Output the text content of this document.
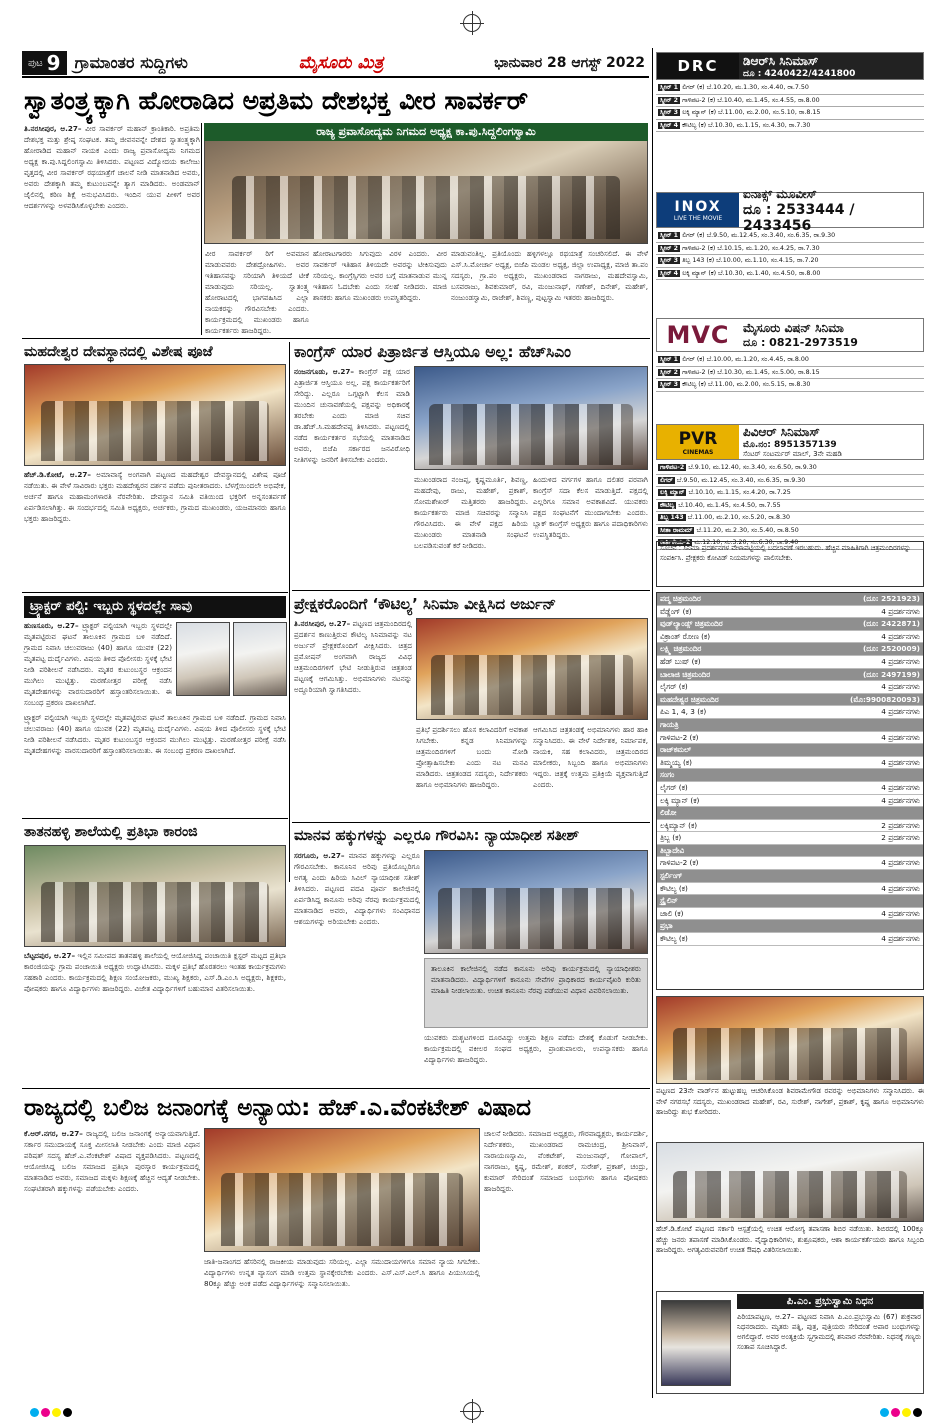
ಪುಟ 9 ಗ್ರಾಮಾಂತರ ಸುದ್ದಿಗಳು	ಮೈಸೂರು ಮಿತ್ರ	ಭಾನುವಾರ 28 ಆಗಸ್ಟ್ 2022
ಸ್ವಾತಂತ್ರ್ಯಕ್ಕಾಗಿ ಹೋರಾಡಿದ ಅಪ್ರತಿಮ ದೇಶಭಕ್ತ ವೀರ ಸಾವರ್ಕರ್

ತಿ.ನರಸೀಪುರ, ಆ.27– ವೀರ ಸಾವರ್ಕರ್ ಮಹಾನ್ ಕ್ರಾಂತಿಕಾರಿ. ಅಪ್ರತಿಮ ದೇಶಭಕ್ತ ಮತ್ತು ಶ್ರೇಷ್ಠ ಸಂಘಟಕ. ತಮ್ಮ ಜೀವನವನ್ನೇ ದೇಶದ ಸ್ವಾತಂತ್ರ್ಯಕ್ಕಾಗಿ ಹೋರಾಡಿದ ಮಹಾನ್ ನಾಯಕ ಎಂದು ರಾಜ್ಯ ಪ್ರವಾಸೋದ್ಯಮ ನಿಗಮದ ಅಧ್ಯಕ್ಷ ಕಾ.ಪು.ಸಿದ್ದಲಿಂಗಸ್ವಾಮಿ ತಿಳಿಸಿದರು. ಪಟ್ಟಣದ ವಿದ್ಯೋದಯ ಕಾಲೇಜು ವೃತ್ತದಲ್ಲಿ ವೀರ ಸಾವರ್ಕರ್ ರಥಯಾತ್ರೆಗೆ ಚಾಲನೆ ನೀಡಿ ಮಾತನಾಡಿದ ಅವರು, ಅವರು ದೇಶಕ್ಕಾಗಿ ತಮ್ಮ ಕುಟುಂಬವನ್ನೇ ತ್ಯಾಗ ಮಾಡಿದರು. ಅಂಡಮಾನ್ ಜೈಲಿನಲ್ಲಿ ಕಠಿಣ ಶಿಕ್ಷೆ ಅನುಭವಿಸಿದರು. ಇಂದಿನ ಯುವ ಪೀಳಿಗೆ ಅವರ ಆದರ್ಶಗಳನ್ನು ಅಳವಡಿಸಿಕೊಳ್ಳಬೇಕು ಎಂದರು.

ರಾಜ್ಯ ಪ್ರವಾಸೋದ್ಯಮ ನಿಗಮದ ಅಧ್ಯಕ್ಷ ಕಾ.ಪು.ಸಿದ್ದಲಿಂಗಸ್ವಾಮಿ
ವೀರ ಸಾವರ್ಕರ್ ರಿಗೆ ಅವಮಾನ ಮಾಡುವವರು ದೇಶದ್ರೋಹಿಗಳು. ಅವರ ಇತಿಹಾಸವನ್ನು ಸರಿಯಾಗಿ ತಿಳಿಯದೆ ಟೀಕೆ ಮಾಡುವುದು ಸರಿಯಲ್ಲ. ಸ್ವಾತಂತ್ರ್ಯ ಹೋರಾಟದಲ್ಲಿ ಭಾಗವಹಿಸಿದ ಎಲ್ಲಾ ನಾಯಕರನ್ನು ಗೌರವಿಸಬೇಕು ಎಂದರು. ಕಾರ್ಯಕ್ರಮದಲ್ಲಿ ಮುಖಂಡರು ಹಾಗೂ ಕಾರ್ಯಕರ್ತರು ಹಾಜರಿದ್ದರು.
ಹೋರಾಟಗಾರರು ಸಿಗುವುದು ವಿರಳ ಎಂದರು. ವೀರ ಸಾವರ್ಕರ್ ಇತಿಹಾಸ ತಿಳಿಯದೇ ಅವರನ್ನು ಟೀಕಿಸುವುದು ಸರಿಯಲ್ಲ. ಕಾಂಗ್ರೆಸ್ಸಿಗರು ಅವರ ಬಗ್ಗೆ ಮಾತನಾಡುವ ಮುನ್ನ ಇತಿಹಾಸ ಓದಬೇಕು ಎಂದು ಸಲಹೆ ನೀಡಿದರು. ಮಾಜಿ ಶಾಸಕರು ಹಾಗೂ ಮುಖಂಡರು ಉಪಸ್ಥಿತರಿದ್ದರು.
ಮಾಡುವಂತಿಲ್ಲ. ಪ್ರತಿಯೊಂದು ಹಳ್ಳಿಗಳಲ್ಲೂ ರಥಯಾತ್ರೆ ಸಂಚರಿಸಲಿದೆ. ಈ ವೇಳೆ ಎಸ್.ಸಿ.ಮೋರ್ಚಾ ಅಧ್ಯಕ್ಷ, ಬಿಜೆಪಿ ಮಂಡಲ ಅಧ್ಯಕ್ಷ, ಜಿಲ್ಲಾ ಉಪಾಧ್ಯಕ್ಷ, ಮಾಜಿ ತಾ.ಪಂ ಸದಸ್ಯರು, ಗ್ರಾ.ಪಂ ಅಧ್ಯಕ್ಷರು, ಮುಖಂಡರಾದ ನಾಗರಾಜು, ಮಹದೇವಸ್ವಾಮಿ, ಬಸವರಾಜು, ಶಿವಕುಮಾರ್, ರವಿ, ಮಂಜುನಾಥ್, ಗಣೇಶ್, ದಿನೇಶ್, ಮಹೇಶ್, ನಂಜುಂಡಸ್ವಾಮಿ, ರಾಜೇಶ್, ಶಿವಣ್ಣ, ಪುಟ್ಟಸ್ವಾಮಿ ಇತರರು ಹಾಜರಿದ್ದರು.
ಮಹದೇಶ್ವರ ದೇವಸ್ಥಾನದಲ್ಲಿ ವಿಶೇಷ ಪೂಜೆ

ಹೆಚ್.ಡಿ.ಕೋಟೆ, ಆ.27– ಅಮಾವಾಸ್ಯೆ ಅಂಗವಾಗಿ ಪಟ್ಟಣದ ಮಹದೇಶ್ವರ ದೇವಸ್ಥಾನದಲ್ಲಿ ವಿಶೇಷ ಪೂಜೆ ನಡೆಯಿತು. ಈ ವೇಳೆ ಸಾವಿರಾರು ಭಕ್ತರು ಮಹದೇಶ್ವರನ ದರ್ಶನ ಪಡೆದು ಪುನೀತರಾದರು. ಬೆಳಗ್ಗೆಯಿಂದಲೇ ಅಭಿಷೇಕ, ಅರ್ಚನೆ ಹಾಗೂ ಮಹಾಮಂಗಳಾರತಿ ನೆರವೇರಿತು. ದೇವಸ್ಥಾನ ಸಮಿತಿ ವತಿಯಿಂದ ಭಕ್ತರಿಗೆ ಅನ್ನಸಂತರ್ಪಣೆ ಏರ್ಪಡಿಸಲಾಗಿತ್ತು. ಈ ಸಂದರ್ಭದಲ್ಲಿ ಸಮಿತಿ ಅಧ್ಯಕ್ಷರು, ಅರ್ಚಕರು, ಗ್ರಾಮದ ಮುಖಂಡರು, ಯಜಮಾನರು ಹಾಗೂ ಭಕ್ತರು ಹಾಜರಿದ್ದರು.

ಟ್ರ್ಯಾಕ್ಟರ್ ಪಲ್ಟಿ: ಇಬ್ಬರು ಸ್ಥಳದಲ್ಲೇ ಸಾವು

ಹುಣಸೂರು, ಆ.27– ಟ್ರ್ಯಾಕ್ಟರ್ ಪಲ್ಟಿಯಾಗಿ ಇಬ್ಬರು ಸ್ಥಳದಲ್ಲೇ ಮೃತಪಟ್ಟಿರುವ ಘಟನೆ ತಾಲೂಕಿನ ಗ್ರಾಮದ ಬಳಿ ನಡೆದಿದೆ. ಗ್ರಾಮದ ನಿವಾಸಿ ಚಲುವರಾಜು (40) ಹಾಗೂ ಯುವಕ (22) ಮೃತಪಟ್ಟ ದುರ್ದೈವಿಗಳು. ವಿಷಯ ತಿಳಿದ ಪೊಲೀಸರು ಸ್ಥಳಕ್ಕೆ ಭೇಟಿ ನೀಡಿ ಪರಿಶೀಲನೆ ನಡೆಸಿದರು. ಮೃತರ ಕುಟುಂಬಸ್ಥರ ಆಕ್ರಂದನ ಮುಗಿಲು ಮುಟ್ಟಿತ್ತು. ಮರಣೋತ್ತರ ಪರೀಕ್ಷೆ ನಡೆಸಿ ಮೃತದೇಹಗಳನ್ನು ವಾರಸುದಾರರಿಗೆ ಹಸ್ತಾಂತರಿಸಲಾಯಿತು. ಈ ಸಂಬಂಧ ಪ್ರಕರಣ ದಾಖಲಾಗಿದೆ.

ಟ್ರ್ಯಾಕ್ಟರ್ ಪಲ್ಟಿಯಾಗಿ ಇಬ್ಬರು ಸ್ಥಳದಲ್ಲೇ ಮೃತಪಟ್ಟಿರುವ ಘಟನೆ ತಾಲೂಕಿನ ಗ್ರಾಮದ ಬಳಿ ನಡೆದಿದೆ. ಗ್ರಾಮದ ನಿವಾಸಿ ಚಲುವರಾಜು (40) ಹಾಗೂ ಯುವಕ (22) ಮೃತಪಟ್ಟ ದುರ್ದೈವಿಗಳು. ವಿಷಯ ತಿಳಿದ ಪೊಲೀಸರು ಸ್ಥಳಕ್ಕೆ ಭೇಟಿ ನೀಡಿ ಪರಿಶೀಲನೆ ನಡೆಸಿದರು. ಮೃತರ ಕುಟುಂಬಸ್ಥರ ಆಕ್ರಂದನ ಮುಗಿಲು ಮುಟ್ಟಿತ್ತು. ಮರಣೋತ್ತರ ಪರೀಕ್ಷೆ ನಡೆಸಿ ಮೃತದೇಹಗಳನ್ನು ವಾರಸುದಾರರಿಗೆ ಹಸ್ತಾಂತರಿಸಲಾಯಿತು. ಈ ಸಂಬಂಧ ಪ್ರಕರಣ ದಾಖಲಾಗಿದೆ.
ತಾತನಹಳ್ಳಿ ಶಾಲೆಯಲ್ಲಿ ಪ್ರತಿಭಾ ಕಾರಂಜಿ

ಬೆಟ್ಟದಪುರ, ಆ.27– ಇಲ್ಲಿನ ಸಮೀಪದ ತಾತನಹಳ್ಳಿ ಶಾಲೆಯಲ್ಲಿ ಆಯೋಜಿಸಿದ್ದ ಪಂಚಾಯಿತಿ ಕ್ಲಸ್ಟರ್ ಮಟ್ಟದ ಪ್ರತಿಭಾ ಕಾರಂಜಿಯನ್ನು ಗ್ರಾಮ ಪಂಚಾಯಿತಿ ಅಧ್ಯಕ್ಷರು ಉದ್ಘಾಟಿಸಿದರು. ಮಕ್ಕಳ ಪ್ರತಿಭೆ ಹೊರತರಲು ಇಂತಹ ಕಾರ್ಯಕ್ರಮಗಳು ಸಹಕಾರಿ ಎಂದರು. ಕಾರ್ಯಕ್ರಮದಲ್ಲಿ ಶಿಕ್ಷಣ ಸಂಯೋಜಕರು, ಮುಖ್ಯ ಶಿಕ್ಷಕರು, ಎಸ್.ಡಿ.ಎಂ.ಸಿ ಅಧ್ಯಕ್ಷರು, ಶಿಕ್ಷಕರು, ಪೋಷಕರು ಹಾಗೂ ವಿದ್ಯಾರ್ಥಿಗಳು ಹಾಜರಿದ್ದರು. ವಿಜೇತ ವಿದ್ಯಾರ್ಥಿಗಳಿಗೆ ಬಹುಮಾನ ವಿತರಿಸಲಾಯಿತು.

ಕಾಂಗ್ರೆಸ್ ಯಾರ ಪಿತ್ರಾರ್ಜಿತ ಆಸ್ತಿಯೂ ಅಲ್ಲ: ಹೆಚ್‌ಸಿಎಂ

ನಂಜನಗೂಡು, ಆ.27– ಕಾಂಗ್ರೆಸ್ ಪಕ್ಷ ಯಾರ ಪಿತ್ರಾರ್ಜಿತ ಆಸ್ತಿಯೂ ಅಲ್ಲ. ಪಕ್ಷ ಕಾರ್ಯಕರ್ತರಿಗೆ ಸೇರಿದ್ದು. ಎಲ್ಲರೂ ಒಗ್ಗಟ್ಟಾಗಿ ಕೆಲಸ ಮಾಡಿ ಮುಂದಿನ ಚುನಾವಣೆಯಲ್ಲಿ ಪಕ್ಷವನ್ನು ಅಧಿಕಾರಕ್ಕೆ ತರಬೇಕು ಎಂದು ಮಾಜಿ ಸಚಿವ ಡಾ.ಹೆಚ್.ಸಿ.ಮಹದೇವಪ್ಪ ತಿಳಿಸಿದರು. ಪಟ್ಟಣದಲ್ಲಿ ನಡೆದ ಕಾರ್ಯಕರ್ತರ ಸಭೆಯಲ್ಲಿ ಮಾತನಾಡಿದ ಅವರು, ಬಿಜೆಪಿ ಸರ್ಕಾರದ ಜನವಿರೋಧಿ ನೀತಿಗಳನ್ನು ಜನರಿಗೆ ತಿಳಿಸಬೇಕು ಎಂದರು.

ಮುಖಂಡರಾದ ನಂಜಪ್ಪ, ಕೃಷ್ಣಮೂರ್ತಿ, ಶಿವಣ್ಣ, ಮಹದೇವು, ರಾಜು, ಮಹೇಶ್, ಪ್ರಕಾಶ್, ಸೋಮಶೇಖರ್ ಮತ್ತಿತರರು ಹಾಜರಿದ್ದರು. ಕಾರ್ಯಕರ್ತರು ಮಾಜಿ ಸಚಿವರನ್ನು ಸನ್ಮಾನಿಸಿ ಗೌರವಿಸಿದರು. ಈ ವೇಳೆ ಪಕ್ಷದ ಹಿರಿಯ ಮುಖಂಡರು ಮಾತನಾಡಿ ಸಂಘಟನೆ ಬಲಪಡಿಸುವಂತೆ ಕರೆ ನೀಡಿದರು.
ಹಿಂದುಳಿದ ವರ್ಗಗಳ ಹಾಗೂ ದಲಿತರ ಪರವಾಗಿ ಕಾಂಗ್ರೆಸ್ ಸದಾ ಕೆಲಸ ಮಾಡುತ್ತಿದೆ. ಪಕ್ಷದಲ್ಲಿ ಎಲ್ಲರಿಗೂ ಸಮಾನ ಅವಕಾಶವಿದೆ. ಯುವಕರು ಪಕ್ಷದ ಸಂಘಟನೆಗೆ ಮುಂದಾಗಬೇಕು ಎಂದರು. ಬ್ಲಾಕ್ ಕಾಂಗ್ರೆಸ್ ಅಧ್ಯಕ್ಷರು ಹಾಗೂ ಪದಾಧಿಕಾರಿಗಳು ಉಪಸ್ಥಿತರಿದ್ದರು.
ಪ್ರೇಕ್ಷಕರೊಂದಿಗೆ ‘ಕೌಟಿಲ್ಯ’ ಸಿನಿಮಾ ವೀಕ್ಷಿಸಿದ ಅರ್ಜುನ್

ತಿ.ನರಸೀಪುರ, ಆ.27– ಪಟ್ಟಣದ ಚಿತ್ರಮಂದಿರದಲ್ಲಿ ಪ್ರದರ್ಶನ ಕಾಣುತ್ತಿರುವ ಕೌಟಿಲ್ಯ ಸಿನಿಮಾವನ್ನು ನಟ ಅರ್ಜುನ್ ಪ್ರೇಕ್ಷಕರೊಂದಿಗೆ ವೀಕ್ಷಿಸಿದರು. ಚಿತ್ರದ ಪ್ರಮೋಷನ್ ಅಂಗವಾಗಿ ರಾಜ್ಯದ ವಿವಿಧ ಚಿತ್ರಮಂದಿರಗಳಿಗೆ ಭೇಟಿ ನೀಡುತ್ತಿರುವ ಚಿತ್ರತಂಡ ಪಟ್ಟಣಕ್ಕೆ ಆಗಮಿಸಿತ್ತು. ಅಭಿಮಾನಿಗಳು ನಟನನ್ನು ಅದ್ದೂರಿಯಾಗಿ ಸ್ವಾಗತಿಸಿದರು.

ಪ್ರತಿಭೆ ಪ್ರದರ್ಶಿಸಲು ಹೊಸ ಕಲಾವಿದರಿಗೆ ಅವಕಾಶ ಸಿಗಬೇಕು. ಕನ್ನಡ ಸಿನಿಮಾಗಳನ್ನು ಚಿತ್ರಮಂದಿರಗಳಿಗೆ ಬಂದು ನೋಡಿ ಪ್ರೋತ್ಸಾಹಿಸಬೇಕು ಎಂದು ನಟ ಮನವಿ ಮಾಡಿದರು. ಚಿತ್ರತಂಡದ ಸದಸ್ಯರು, ನಿರ್ದೇಶಕರು ಹಾಗೂ ಅಭಿಮಾನಿಗಳು ಹಾಜರಿದ್ದರು.
ಆಗಮಿಸಿದ ಚಿತ್ರತಂಡಕ್ಕೆ ಅಭಿಮಾನಿಗಳು ಹಾರ ಹಾಕಿ ಸನ್ಮಾನಿಸಿದರು. ಈ ವೇಳೆ ನಿರ್ದೇಶಕ, ನಿರ್ಮಾಪಕ, ನಾಯಕಿ, ಸಹ ಕಲಾವಿದರು, ಚಿತ್ರಮಂದಿರದ ಮಾಲೀಕರು, ಸಿಬ್ಬಂದಿ ಹಾಗೂ ಅಭಿಮಾನಿಗಳು ಇದ್ದರು. ಚಿತ್ರಕ್ಕೆ ಉತ್ತಮ ಪ್ರತಿಕ್ರಿಯೆ ವ್ಯಕ್ತವಾಗುತ್ತಿದೆ ಎಂದರು.
ಮಾನವ ಹಕ್ಕುಗಳನ್ನು ಎಲ್ಲರೂ ಗೌರವಿಸಿ: ನ್ಯಾಯಾಧೀಶ ಸತೀಶ್

ಸರಗೂರು, ಆ.27– ಮಾನವ ಹಕ್ಕುಗಳನ್ನು ಎಲ್ಲರೂ ಗೌರವಿಸಬೇಕು. ಕಾನೂನಿನ ಅರಿವು ಪ್ರತಿಯೊಬ್ಬರಿಗೂ ಅಗತ್ಯ ಎಂದು ಹಿರಿಯ ಸಿವಿಲ್ ನ್ಯಾಯಾಧೀಶ ಸತೀಶ್ ತಿಳಿಸಿದರು. ಪಟ್ಟಣದ ಪದವಿ ಪೂರ್ವ ಕಾಲೇಜಿನಲ್ಲಿ ಏರ್ಪಡಿಸಿದ್ದ ಕಾನೂನು ಅರಿವು ನೆರವು ಕಾರ್ಯಕ್ರಮದಲ್ಲಿ ಮಾತನಾಡಿದ ಅವರು, ವಿದ್ಯಾರ್ಥಿಗಳು ಸಂವಿಧಾನದ ಆಶಯಗಳನ್ನು ಅರಿಯಬೇಕು ಎಂದರು.

ತಾಲೂಕಿನ ಕಾಲೇಜಿನಲ್ಲಿ ನಡೆದ ಕಾನೂನು ಅರಿವು ಕಾರ್ಯಕ್ರಮದಲ್ಲಿ ನ್ಯಾಯಾಧೀಶರು ಮಾತನಾಡಿದರು. ವಿದ್ಯಾರ್ಥಿಗಳಿಗೆ ಕಾನೂನು ಸೇವೆಗಳ ಪ್ರಾಧಿಕಾರದ ಕಾರ್ಯವೈಖರಿ ಕುರಿತು ಮಾಹಿತಿ ನೀಡಲಾಯಿತು. ಉಚಿತ ಕಾನೂನು ನೆರವು ಪಡೆಯುವ ವಿಧಾನ ವಿವರಿಸಲಾಯಿತು.
ಯುವಕರು ದುಶ್ಚಟಗಳಿಂದ ದೂರವಿದ್ದು ಉತ್ತಮ ಶಿಕ್ಷಣ ಪಡೆದು ದೇಶಕ್ಕೆ ಕೊಡುಗೆ ನೀಡಬೇಕು. ಕಾರ್ಯಕ್ರಮದಲ್ಲಿ ವಕೀಲರ ಸಂಘದ ಅಧ್ಯಕ್ಷರು, ಪ್ರಾಂಶುಪಾಲರು, ಉಪನ್ಯಾಸಕರು ಹಾಗೂ ವಿದ್ಯಾರ್ಥಿಗಳು ಹಾಜರಿದ್ದರು.
ರಾಜ್ಯದಲ್ಲಿ ಬಲಿಜ ಜನಾಂಗಕ್ಕೆ ಅನ್ಯಾಯ: ಹೆಚ್.ಎ.ವೆಂಕಟೇಶ್ ವಿಷಾದ

ಕೆ.ಆರ್.ನಗರ, ಆ.27– ರಾಜ್ಯದಲ್ಲಿ ಬಲಿಜ ಜನಾಂಗಕ್ಕೆ ಅನ್ಯಾಯವಾಗುತ್ತಿದೆ. ಸರ್ಕಾರ ಸಮುದಾಯಕ್ಕೆ ಸೂಕ್ತ ಮೀಸಲಾತಿ ನೀಡಬೇಕು ಎಂದು ಮಾಜಿ ವಿಧಾನ ಪರಿಷತ್ ಸದಸ್ಯ ಹೆಚ್.ಎ.ವೆಂಕಟೇಶ್ ವಿಷಾದ ವ್ಯಕ್ತಪಡಿಸಿದರು. ಪಟ್ಟಣದಲ್ಲಿ ಆಯೋಜಿಸಿದ್ದ ಬಲಿಜ ಸಮಾಜದ ಪ್ರತಿಭಾ ಪುರಸ್ಕಾರ ಕಾರ್ಯಕ್ರಮದಲ್ಲಿ ಮಾತನಾಡಿದ ಅವರು, ಸಮಾಜದ ಮಕ್ಕಳು ಶಿಕ್ಷಣಕ್ಕೆ ಹೆಚ್ಚಿನ ಆದ್ಯತೆ ನೀಡಬೇಕು. ಸಂಘಟಿತರಾಗಿ ಹಕ್ಕುಗಳನ್ನು ಪಡೆಯಬೇಕು ಎಂದರು.

ಜಾತಿ-ಜನಾಂಗದ ಹೆಸರಿನಲ್ಲಿ ರಾಜಕೀಯ ಮಾಡುವುದು ಸರಿಯಲ್ಲ. ಎಲ್ಲಾ ಸಮುದಾಯಗಳಿಗೂ ಸಮಾನ ನ್ಯಾಯ ಸಿಗಬೇಕು. ವಿದ್ಯಾರ್ಥಿಗಳು ಉನ್ನತ ವ್ಯಾಸಂಗ ಮಾಡಿ ಉತ್ತಮ ಸ್ಥಾನಕ್ಕೇರಬೇಕು ಎಂದರು. ಎಸ್.ಎಸ್.ಎಲ್.ಸಿ ಹಾಗೂ ಪಿಯುಸಿಯಲ್ಲಿ 80ಕ್ಕೂ ಹೆಚ್ಚು ಅಂಕ ಪಡೆದ ವಿದ್ಯಾರ್ಥಿಗಳನ್ನು ಸನ್ಮಾನಿಸಲಾಯಿತು.
ಚಾಲನೆ ನೀಡಿದರು. ಸಮಾಜದ ಅಧ್ಯಕ್ಷರು, ಗೌರವಾಧ್ಯಕ್ಷರು, ಕಾರ್ಯದರ್ಶಿ, ನಿರ್ದೇಶಕರು, ಮುಖಂಡರಾದ ರಾಮಚಂದ್ರ, ಶ್ರೀನಿವಾಸ್, ನಾರಾಯಣಸ್ವಾಮಿ, ವೆಂಕಟೇಶ್, ಮಂಜುನಾಥ್, ಗೋಪಾಲ್, ನಾಗರಾಜು, ಕೃಷ್ಣ, ರಮೇಶ್, ಶಂಕರ್, ಸುರೇಶ್, ಪ್ರಕಾಶ್, ಚಂದ್ರು, ಕುಮಾರ್ ಸೇರಿದಂತೆ ಸಮಾಜದ ಬಂಧುಗಳು ಹಾಗೂ ಪೋಷಕರು ಹಾಜರಿದ್ದರು.
DRC	ಡಿಆರ್‌ಸಿ ಸಿನಿಮಾಸ್
ದೂ : 4240422/4241800
ಸ್ಕ್ರೀನ್ 1 ಲಿಗರ್ (ಕ) ಬೆ.10.20, ಮ.1.30, ಸಂ.4.40, ರಾ.7.50
ಸ್ಕ್ರೀನ್ 2 ಗಾಳಿಪಟ-2 (ಕ) ಬೆ.10.40, ಮ.1.45, ಸಂ.4.55, ರಾ.8.00
ಸ್ಕ್ರೀನ್ 3 ಲಕ್ಕಿ ಮ್ಯಾನ್ (ಕ) ಬೆ.11.00, ಮ.2.00, ಸಂ.5.10, ರಾ.8.15
ಸ್ಕ್ರೀನ್ 4 ಕೌಟಿಲ್ಯ (ಕ) ಬೆ.10.30, ಮ.1.15, ಸಂ.4.30, ರಾ.7.30
INOX
LIVE THE MOVIE
ಐನಾಕ್ಸ್ ಮೂವೀಸ್
ದೂ : 2533444 / 2433456
ಸ್ಕ್ರೀನ್ 1 ಲಿಗರ್ (ಕ) ಬೆ.9.50, ಮ.12.45, ಸಂ.3.40, ಸಂ.6.35, ರಾ.9.30
ಸ್ಕ್ರೀನ್ 2 ಗಾಳಿಪಟ-2 (ಕ) ಬೆ.10.15, ಮ.1.20, ಸಂ.4.25, ರಾ.7.30
ಸ್ಕ್ರೀನ್ 3 ತಿಬ್ಬ 143 (ಕ) ಬೆ.10.00, ಮ.1.10, ಸಂ.4.15, ರಾ.7.20
ಸ್ಕ್ರೀನ್ 4 ಲಕ್ಕಿ ಮ್ಯಾನ್ (ಕ) ಬೆ.10.30, ಮ.1.40, ಸಂ.4.50, ರಾ.8.00
MVC	ಮೈಸೂರು ವಿಷನ್ ಸಿನಿಮಾ
ದೂ : 0821-2973519
ಸ್ಕ್ರೀನ್ 1 ಲಿಗರ್ (ಕ) ಬೆ.10.00, ಮ.1.20, ಸಂ.4.45, ರಾ.8.00
ಸ್ಕ್ರೀನ್ 2 ಗಾಳಿಪಟ-2 (ಕ) ಬೆ.10.30, ಮ.1.45, ಸಂ.5.00, ರಾ.8.15
ಸ್ಕ್ರೀನ್ 3 ಕೌಟಿಲ್ಯ (ಕ) ಬೆ.11.00, ಮ.2.00, ಸಂ.5.15, ರಾ.8.30
PVR
CINEMAS
ಪಿವಿಆರ್ ಸಿನಿಮಾಸ್
ಮೊ.ನಂ: 8951357139
ಸೆಂಟರ್ ಸಂಟರ್ಮರ್ ಮಾಲ್, 3ನೇ ಮಹಡಿ
ಗಾಳಿಪಟ-2 ಬೆ.9.10, ಮ.12.40, ಸಂ.3.40, ಸಂ.6.50, ರಾ.9.30
ಲಿಗರ್ ಬೆ.9.50, ಮ.12.45, ಸಂ.3.40, ಸಂ.6.35, ರಾ.9.30
ಲಕ್ಕಿ ಮ್ಯಾನ್ ಬೆ.10.10, ಮ.1.15, ಸಂ.4.20, ರಾ.7.25
ಕೌಟಿಲ್ಯ ಬೆ.10.40, ಮ.1.45, ಸಂ.4.50, ರಾ.7.55
ತಿಬ್ಬ 143 ಬೆ.11.00, ಮ.2.10, ಸಂ.5.20, ರಾ.8.30
ಸೀತಾ ರಾಮಮ್ ಬೆ.11.20, ಮ.2.30, ಸಂ.5.40, ರಾ.8.50
ಕಾರ್ತಿಕೇಯ-2 ಮ.12.10, ಸಂ.3.20, ಸಂ.6.30, ರಾ.9.40
ಸೂಚನೆ : ಸಿನಿಮಾ ಪ್ರದರ್ಶನಗಳ ವೇಳಾಪಟ್ಟಿಯಲ್ಲಿ ಬದಲಾವಣೆ ಇರಬಹುದು. ಹೆಚ್ಚಿನ ಮಾಹಿತಿಗಾಗಿ ಚಿತ್ರಮಂದಿರಗಳನ್ನು ಸಂಪರ್ಕಿಸಿ. ಪ್ರೇಕ್ಷಕರು ಕೋವಿಡ್ ನಿಯಮಗಳನ್ನು ಪಾಲಿಸಬೇಕು.
ಪದ್ಮ ಚಿತ್ರಮಂದಿರ	(ದೂ: 2521923)
ವೆಡ್ಡೆಂಗ್ (ಕ)	4 ಪ್ರದರ್ಶನಗಳು
ವುಡ್‌ಲ್ಯಾಂಡ್ಸ್ ಚಿತ್ರಮಂದಿರ	(ದೂ: 2422871)
ವಿಕ್ರಾಂತ್ ರೋಣ (ಕ)	4 ಪ್ರದರ್ಶನಗಳು
ಲಕ್ಷ್ಮಿ ಚಿತ್ರಮಂದಿರ	(ದೂ: 2520009)
ಹೆಡ್ ಬುಷ್ (ಕ)	4 ಪ್ರದರ್ಶನಗಳು
ಬಾಲಾಜಿ ಚಿತ್ರಮಂದಿರ	(ದೂ: 2497199)
ಲೈಗರ್ (ಕ)	4 ಪ್ರದರ್ಶನಗಳು
ಮಹದೇಶ್ವರ ಚಿತ್ರಮಂದಿರ	(ಮೊ:9900820093)
ಪಿಎ 1, 4, 3 (ಕ)	4 ಪ್ರದರ್ಶನಗಳು
ಗಾಯತ್ರಿ
ಗಾಳಿಪಟ-2 (ಕ)	4 ಪ್ರದರ್ಶನಗಳು
ರಾಜ್‌ಕಮಲ್
ತಿಮ್ಮಯ್ಯ (ಕ)	4 ಪ್ರದರ್ಶನಗಳು
ಸಂಗಂ
ಲೈಗರ್ (ಕ)	4 ಪ್ರದರ್ಶನಗಳು
ಲಕ್ಕಿ ಮ್ಯಾನ್ (ಕ)	4 ಪ್ರದರ್ಶನಗಳು
ಲಿಡೋ
ಲಕ್ಕಿಮ್ಯಾನ್ (ಕ)	2 ಪ್ರದರ್ಶನಗಳು
ತ್ರಿಬ್ಬ (ಕ)	2 ಪ್ರದರ್ಶನಗಳು
ತಿಬ್ಬಾದೇವಿ
ಗಾಳಿಪಟ-2 (ಕ)	4 ಪ್ರದರ್ಶನಗಳು
ಸ್ಟರ್ಲಿಂಗ್
ಕೌಟಿಲ್ಯ (ಕ)	4 ಪ್ರದರ್ಶನಗಳು
ಸ್ಟ್ರೈಲಿನ್
ಜಾಲಿ (ಕ)	4 ಪ್ರದರ್ಶನಗಳು
ಪ್ರಭಾ
ಕೌಟಿಲ್ಯ (ಕ)	4 ಪ್ರದರ್ಶನಗಳು
ಪಟ್ಟಣದ 23ನೇ ವಾರ್ಡ್‌ನ ಹುಟ್ಟುಹಬ್ಬ ಆಚರಿಸಿಕೊಂಡ ಶಿವರಾಮೇಗೌಡ ರವರನ್ನು ಅಭಿಮಾನಿಗಳು ಸನ್ಮಾನಿಸಿದರು. ಈ ವೇಳೆ ನಗರಸಭೆ ಸದಸ್ಯರು, ಮುಖಂಡರಾದ ಮಹೇಶ್, ರವಿ, ಸುರೇಶ್, ನಾಗೇಶ್, ಪ್ರಕಾಶ್, ಕೃಷ್ಣ ಹಾಗೂ ಅಭಿಮಾನಿಗಳು ಹಾಜರಿದ್ದು ಶುಭ ಕೋರಿದರು.
ಹೆಚ್.ಡಿ.ಕೋಟೆ ಪಟ್ಟಣದ ಸರ್ಕಾರಿ ಆಸ್ಪತ್ರೆಯಲ್ಲಿ ಉಚಿತ ಆರೋಗ್ಯ ತಪಾಸಣಾ ಶಿಬಿರ ನಡೆಯಿತು. ಶಿಬಿರದಲ್ಲಿ 100ಕ್ಕೂ ಹೆಚ್ಚು ಜನರು ತಪಾಸಣೆ ಮಾಡಿಸಿಕೊಂಡರು. ವೈದ್ಯಾಧಿಕಾರಿಗಳು, ಶುಶ್ರೂಷಕರು, ಆಶಾ ಕಾರ್ಯಕರ್ತೆಯರು ಹಾಗೂ ಸಿಬ್ಬಂದಿ ಹಾಜರಿದ್ದರು. ಅಗತ್ಯವಿರುವವರಿಗೆ ಉಚಿತ ಔಷಧಿ ವಿತರಿಸಲಾಯಿತು.
ಪಿ.ಎಂ. ಪ್ರಭುಸ್ವಾಮಿ ನಿಧನ
ಪಿರಿಯಾಪಟ್ಟಣ, ಆ.27– ಪಟ್ಟಣದ ನಿವಾಸಿ ಪಿ.ಎಂ.ಪ್ರಭುಸ್ವಾಮಿ (67) ಶುಕ್ರವಾರ ನಿಧನರಾದರು. ಮೃತರು ಪತ್ನಿ, ಪುತ್ರ, ಪುತ್ರಿಯರು ಸೇರಿದಂತೆ ಅಪಾರ ಬಂಧುಗಳನ್ನು ಅಗಲಿದ್ದಾರೆ. ಅವರ ಅಂತ್ಯಕ್ರಿಯೆ ಸ್ವಗ್ರಾಮದಲ್ಲಿ ಶನಿವಾರ ನೆರವೇರಿತು. ನಿಧನಕ್ಕೆ ಗಣ್ಯರು ಸಂತಾಪ ಸೂಚಿಸಿದ್ದಾರೆ.
